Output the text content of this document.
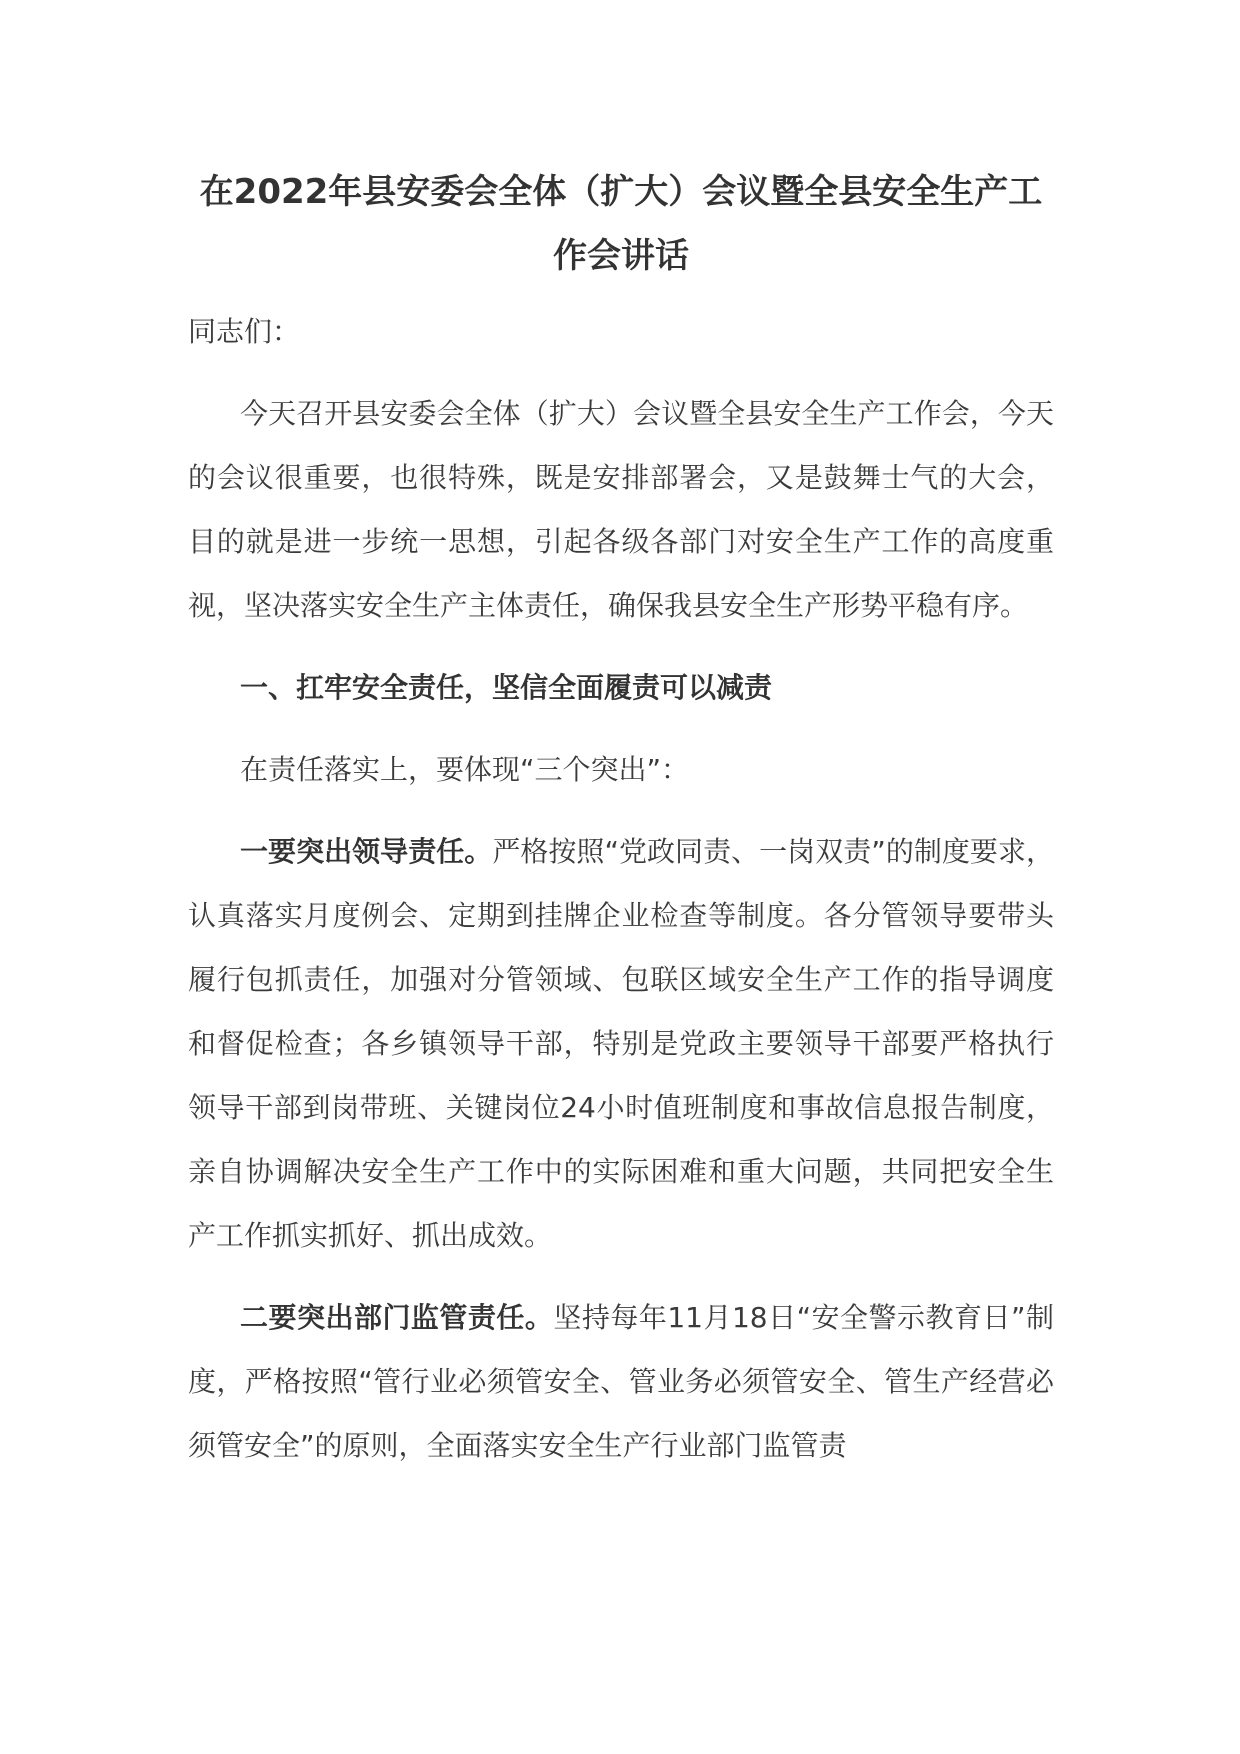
在2022年县安委会全体（扩大）会议暨全县安全生产工
作会讲话

同志们：

今天召开县安委会全体（扩大）会议暨全县安全生产工作会，今天的会议很重要，也很特殊，既是安排部署会，又是鼓舞士气的大会，目的就是进一步统一思想，引起各级各部门对安全生产工作的高度重视，坚决落实安全生产主体责任，确保我县安全生产形势平稳有序。

一、扛牢安全责任，坚信全面履责可以减责

在责任落实上，要体现“三个突出”：

一要突出领导责任。严格按照“党政同责、一岗双责”的制度要求，认真落实月度例会、定期到挂牌企业检查等制度。各分管领导要带头履行包抓责任，加强对分管领域、包联区域安全生产工作的指导调度和督促检查；各乡镇领导干部，特别是党政主要领导干部要严格执行领导干部到岗带班、关键岗位24小时值班制度和事故信息报告制度，亲自协调解决安全生产工作中的实际困难和重大问题，共同把安全生产工作抓实抓好、抓出成效。

二要突出部门监管责任。坚持每年11月18日“安全警示教育日”制度，严格按照“管行业必须管安全、管业务必须管安全、管生产经营必须管安全”的原则，全面落实安全生产行业部门监管责
